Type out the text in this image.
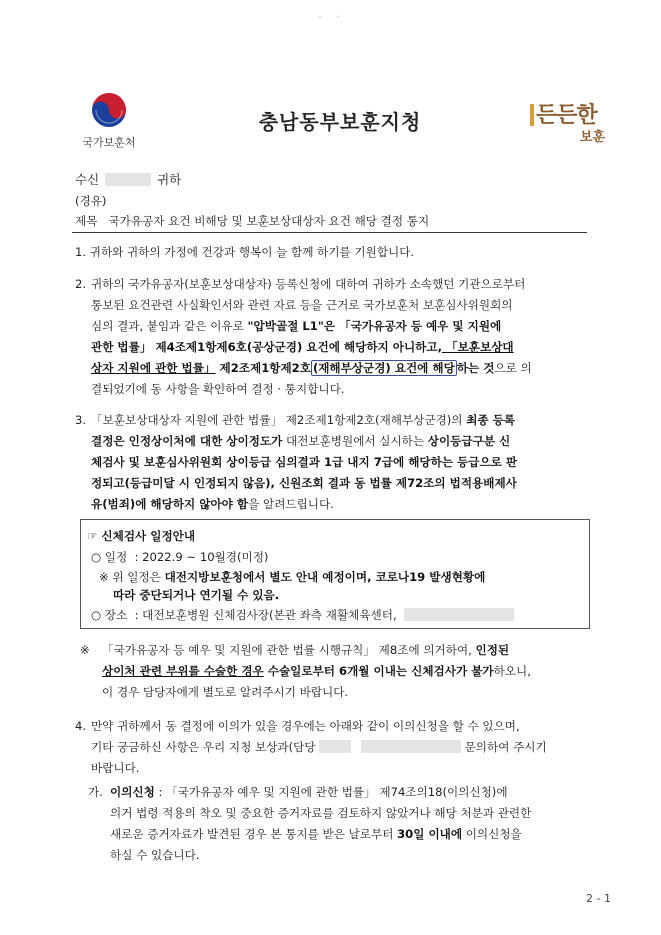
- ·
국가보훈처
충남동부보훈지청	든든한
보훈
수신	귀하
(경유)
제목 국가유공자 요건 비해당 및 보훈보상대상자 요건 해당 결정 통지
1. 귀하와 귀하의 가정에 건강과 행복이 늘 함께 하기를 기원합니다.
2. 귀하의 국가유공자(보훈보상대상자) 등록신청에 대하여 귀하가 소속했던 기관으로부터
통보된 요건관련 사실확인서와 관련 자료 등을 근거로 국가보훈처 보훈심사위원회의
심의 결과, 붙임과 같은 이유로 "압박골절 L1"은 「국가유공자 등 예우 및 지원에
관한 법률」 제4조제1항제6호(공상군경) 요건에 해당하지 아니하고, 「보훈보상대
상자 지원에 관한 법률」 제2조제1항제2호 (재해부상군경) 요건에 해당 하는 것으로 의
결되었기에 동 사항을 확인하여 결정 · 통지합니다.
3. 「보훈보상대상자 지원에 관한 법률」 제2조제1항제2호(재해부상군경)의 최종 등록
결정은 인정상이처에 대한 상이정도가 대전보훈병원에서 실시하는 상이등급구분 신
체검사 및 보훈심사위원회 상이등급 심의결과 1급 내지 7급에 해당하는 등급으로 판
정되고(등급미달 시 인정되지 않음), 신원조회 결과 동 법률 제72조의 법적용배제사
유(범죄)에 해당하지 않아야 함을 알려드립니다.
☞ 신체검사 일정안내
○ 일정 : 2022.9 ~ 10월경(미정)
※ 위 일정은 대전지방보훈청에서 별도 안내 예정이며, 코로나19 발생현황에
따라 중단되거나 연기될 수 있음.
○ 장소 : 대전보훈병원 신체검사장(본관 좌측 재활체육센터,
※ 「국가유공자 등 예우 및 지원에 관한 법률 시행규칙」 제8조에 의거하여, 인정된
상이처 관련 부위를 수술한 경우 수술일로부터 6개월 이내는 신체검사가 불가하오니,
이 경우 담당자에게 별도로 알려주시기 바랍니다.
4. 만약 귀하께서 동 결정에 이의가 있을 경우에는 아래와 같이 이의신청을 할 수 있으며,
기타 궁금하신 사항은 우리 지청 보상과(담당	문의하여 주시기
바랍니다.
가. 이의신청 : 「국가유공자 예우 및 지원에 관한 법률」 제74조의18(이의신청)에
의거 법령 적용의 착오 및 중요한 증거자료를 검토하지 않았거나 해당 처분과 관련한
새로운 증거자료가 발견된 경우 본 통지를 받은 날로부터 30일 이내에 이의신청을
하실 수 있습니다.
2 - 1
